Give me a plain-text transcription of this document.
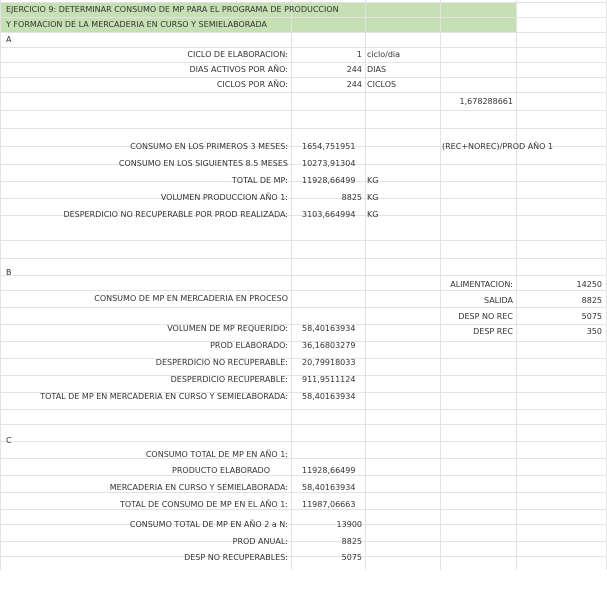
EJERCICIO 9: DETERMINAR CONSUMO DE MP PARA EL PROGRAMA DE PRODUCCION
Y FORMACION DE LA MERCADERIA EN CURSO Y SEMIELABORADA
A
CICLO DE ELABORACION:	1 ciclo/dia
DIAS ACTIVOS POR AÑO:	244 DIAS
CICLOS POR AÑO:	244 CICLOS
1,678288661
CONSUMO EN LOS PRIMEROS 3 MESES: 1654,751951	(REC+NOREC)/PROD AÑO 1
CONSUMO EN LOS SIGUIENTES 8.5 MESES 10273,91304
TOTAL DE MP: 11928,66499 KG
VOLUMEN PRODUCCION AÑO 1:	8825 KG
DESPERDICIO NO RECUPERABLE POR PROD REALIZADA: 3103,664994 KG
B
ALIMENTACION:	14250
SALIDA	8825
DESP NO REC	5075
DESP REC	350
CONSUMO DE MP EN MERCADERIA EN PROCESO
VOLUMEN DE MP REQUERIDO: 58,40163934
PROD ELABORADO: 36,16803279
DESPERDICIO NO RECUPERABLE: 20,79918033
DESPERDICIO RECUPERABLE: 911,9511124
TOTAL DE MP EN MERCADERIA EN CURSO Y SEMIELABORADA: 58,40163934
C
CONSUMO TOTAL DE MP EN AÑO 1:
PRODUCTO ELABORADO	11928,66499
MERCADERIA EN CURSO Y SEMIELABORADA: 58,40163934
TOTAL DE CONSUMO DE MP EN EL AÑO 1: 11987,06663
CONSUMO TOTAL DE MP EN AÑO 2 a N:	13900
PROD ANUAL:	8825
DESP NO RECUPERABLES:	5075
